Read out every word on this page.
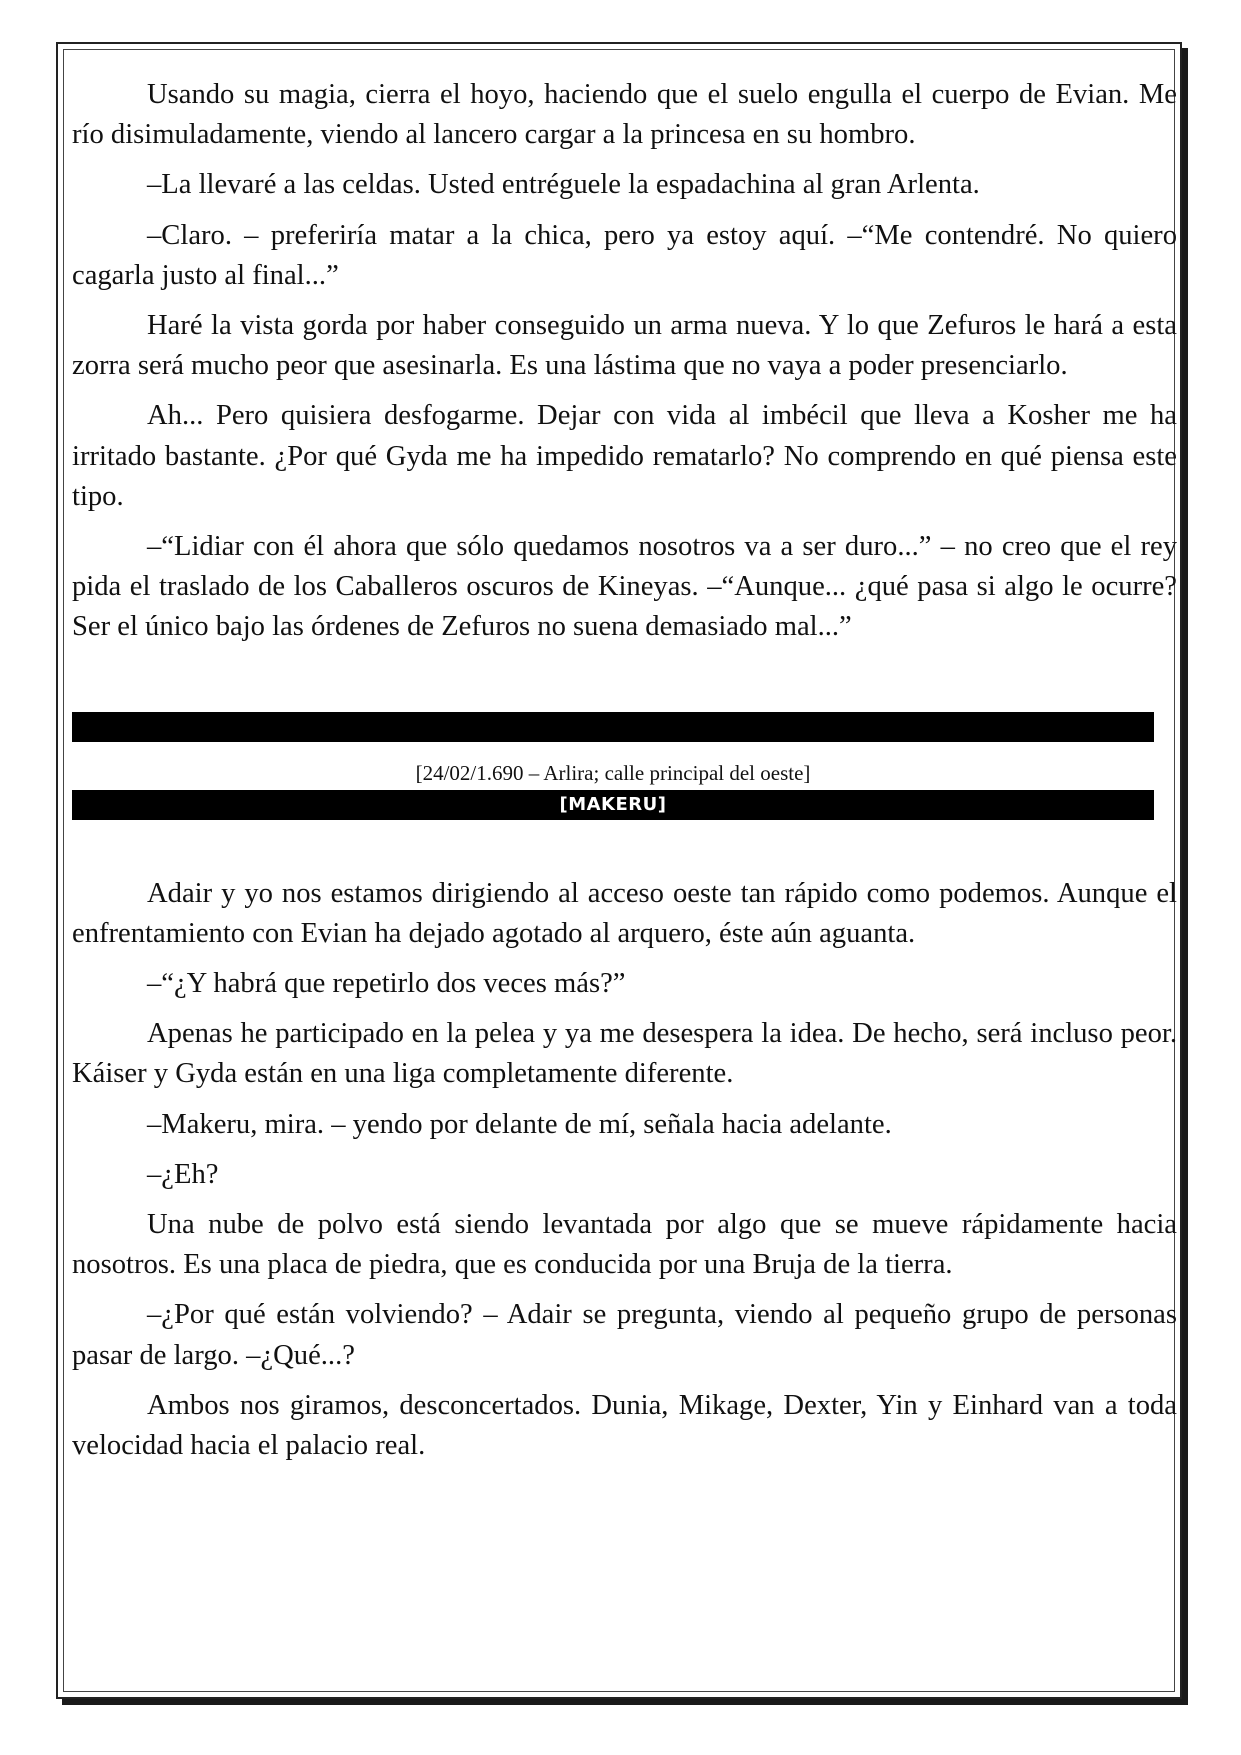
Usando su magia, cierra el hoyo, haciendo que el suelo engulla el cuerpo de Evian. Me río disimuladamente, viendo al lancero cargar a la princesa en su hombro.

–La llevaré a las celdas. Usted entréguele la espadachina al gran Arlenta.

–Claro. – preferiría matar a la chica, pero ya estoy aquí. –“Me contendré. No quiero cagarla justo al final...”

Haré la vista gorda por haber conseguido un arma nueva. Y lo que Zefuros le hará a esta zorra será mucho peor que asesinarla. Es una lástima que no vaya a poder presenciarlo.

Ah... Pero quisiera desfogarme. Dejar con vida al imbécil que lleva a Kosher me ha irritado bastante. ¿Por qué Gyda me ha impedido rematarlo? No comprendo en qué piensa este tipo.

–“Lidiar con él ahora que sólo quedamos nosotros va a ser duro...” – no creo que el rey pida el traslado de los Caballeros oscuros de Kineyas. –“Aunque... ¿qué pasa si algo le ocurre? Ser el único bajo las órdenes de Zefuros no suena demasiado mal...”

[24/02/1.690 – Arlira; calle principal del oeste]
[MAKERU]

Adair y yo nos estamos dirigiendo al acceso oeste tan rápido como podemos. Aunque el enfrentamiento con Evian ha dejado agotado al arquero, éste aún aguanta.

–“¿Y habrá que repetirlo dos veces más?”

Apenas he participado en la pelea y ya me desespera la idea. De hecho, será incluso peor. Káiser y Gyda están en una liga completamente diferente.

–Makeru, mira. – yendo por delante de mí, señala hacia adelante.

–¿Eh?

Una nube de polvo está siendo levantada por algo que se mueve rápidamente hacia nosotros. Es una placa de piedra, que es conducida por una Bruja de la tierra.

–¿Por qué están volviendo? – Adair se pregunta, viendo al pequeño grupo de personas pasar de largo. –¿Qué...?

Ambos nos giramos, desconcertados. Dunia, Mikage, Dexter, Yin y Einhard van a toda velocidad hacia el palacio real.
